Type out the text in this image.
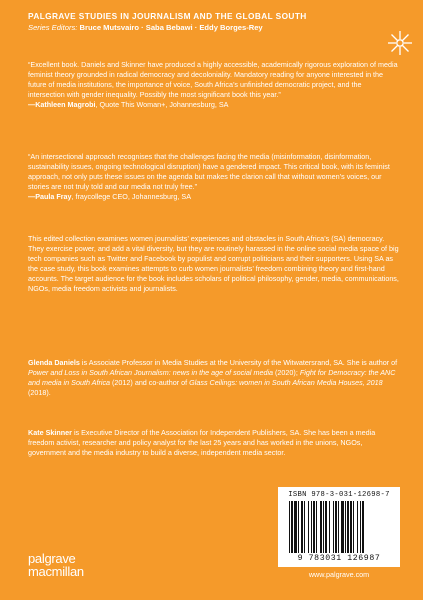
PALGRAVE STUDIES IN JOURNALISM AND THE GLOBAL SOUTH
Series Editors: Bruce Mutsvairo · Saba Bebawi · Eddy Borges-Rey

“Excellent book. Daniels and Skinner have produced a highly accessible, academically rigorous exploration of media feminist theory grounded in radical democracy and decoloniality. Mandatory reading for anyone interested in the future of media institutions, the importance of voice, South Africa’s unfinished democratic project, and the intersection with gender inequality. Possibly the most significant book this year.”

—Kathleen Magrobi, Quote This Woman+, Johannesburg, SA

“An intersectional approach recognises that the challenges facing the media (misinformation, disinformation, sustainability issues, ongoing technological disruption) have a gendered impact. This critical book, with its feminist approach, not only puts these issues on the agenda but makes the clarion call that without women’s voices, our stories are not truly told and our media not truly free.”

—Paula Fray, fraycollege CEO, Johannesburg, SA

This edited collection examines women journalists’ experiences and obstacles in South Africa’s (SA) democracy. They exercise power, and add a vital diversity, but they are routinely harassed in the online social media space of big tech companies such as Twitter and Facebook by populist and corrupt politicians and their supporters. Using SA as the case study, this book examines attempts to curb women journalists’ freedom combining theory and first-hand accounts. The target audience for the book includes scholars of political philosophy, gender, media, communications, NGOs, media freedom activists and journalists.

Glenda Daniels is Associate Professor in Media Studies at the University of the Witwatersrand, SA. She is author of Power and Loss in South African Journalism: news in the age of social media (2020); Fight for Democracy: the ANC and media in South Africa (2012) and co-author of Glass Ceilings: women in South African Media Houses, 2018 (2018).

Kate Skinner is Executive Director of the Association for Independent Publishers, SA. She has been a media freedom activist, researcher and policy analyst for the last 25 years and has worked in the unions, NGOs, government and the media industry to build a diverse, independent media sector.

ISBN 978-3-031-12698-7
9 783031 126987
palgrave
macmillan	www.palgrave.com
